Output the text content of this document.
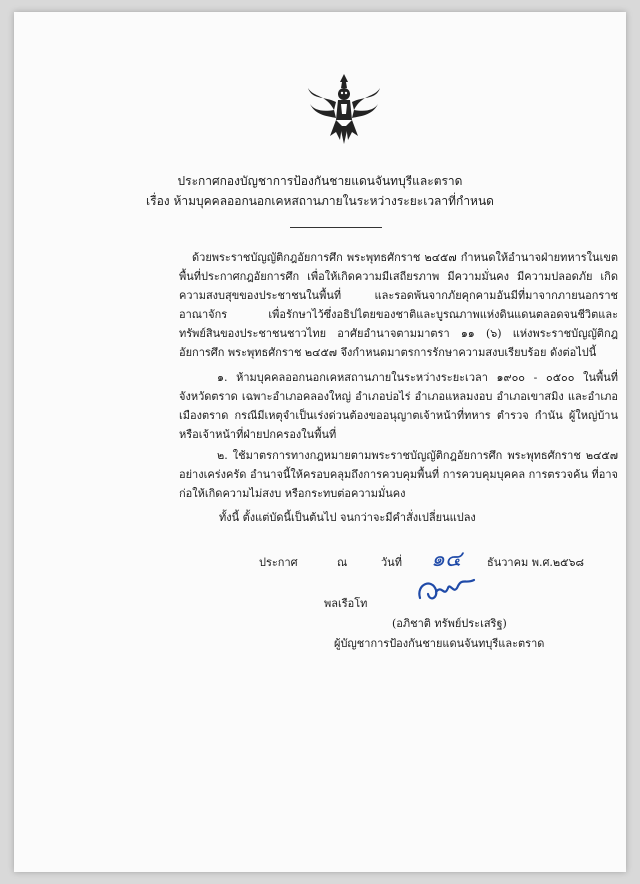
ประกาศกองบัญชาการป้องกันชายแดนจันทบุรีและตราด
เรื่อง ห้ามบุคคลออกนอกเคหสถานภายในระหว่างระยะเวลาที่กำหนด
ด้วยพระราชบัญญัติกฎอัยการศึก พระพุทธศักราช ๒๔๕๗ กำหนดให้อำนาจฝ่ายทหารในเขตพื้นที่ประกาศกฎอัยการศึก เพื่อให้เกิดความมีเสถียรภาพ มีความมั่นคง มีความปลอดภัย เกิดความสงบสุขของประชาชนในพื้นที่ และรอดพ้นจากภัยคุกคามอันมีที่มาจากภายนอกราชอาณาจักร เพื่อรักษาไว้ซึ่งอธิปไตยของชาติและบูรณภาพแห่งดินแดนตลอดจนชีวิตและทรัพย์สินของประชาชนชาวไทย อาศัยอำนาจตามมาตรา ๑๑ (๖) แห่งพระราชบัญญัติกฎอัยการศึก พระพุทธศักราช ๒๔๕๗ จึงกำหนดมาตรการรักษาความสงบเรียบร้อย ดังต่อไปนี้
๑. ห้ามบุคคลออกนอกเคหสถานภายในระหว่างระยะเวลา ๑๙๐๐ - ๐๕๐๐ ในพื้นที่จังหวัดตราด เฉพาะอำเภอคลองใหญ่ อำเภอบ่อไร่ อำเภอแหลมงอบ อำเภอเขาสมิง และอำเภอเมืองตราด กรณีมีเหตุจำเป็นเร่งด่วนต้องขออนุญาตเจ้าหน้าที่ทหาร ตำรวจ กำนัน ผู้ใหญ่บ้าน หรือเจ้าหน้าที่ฝ่ายปกครองในพื้นที่
๒. ใช้มาตรการทางกฎหมายตามพระราชบัญญัติกฎอัยการศึก พระพุทธศักราช ๒๔๕๗ อย่างเคร่งครัด อำนาจนี้ให้ครอบคลุมถึงการควบคุมพื้นที่ การควบคุมบุคคล การตรวจค้น ที่อาจก่อให้เกิดความไม่สงบ หรือกระทบต่อความมั่นคง
ทั้งนี้ ตั้งแต่บัดนี้เป็นต้นไป จนกว่าจะมีคำสั่งเปลี่ยนแปลง
ประกาศ	ณ	วันที่ ๑๔ ธันวาคม พ.ศ.๒๕๖๘
พลเรือโท
(อภิชาติ ทรัพย์ประเสริฐ)
ผู้บัญชาการป้องกันชายแดนจันทบุรีและตราด
